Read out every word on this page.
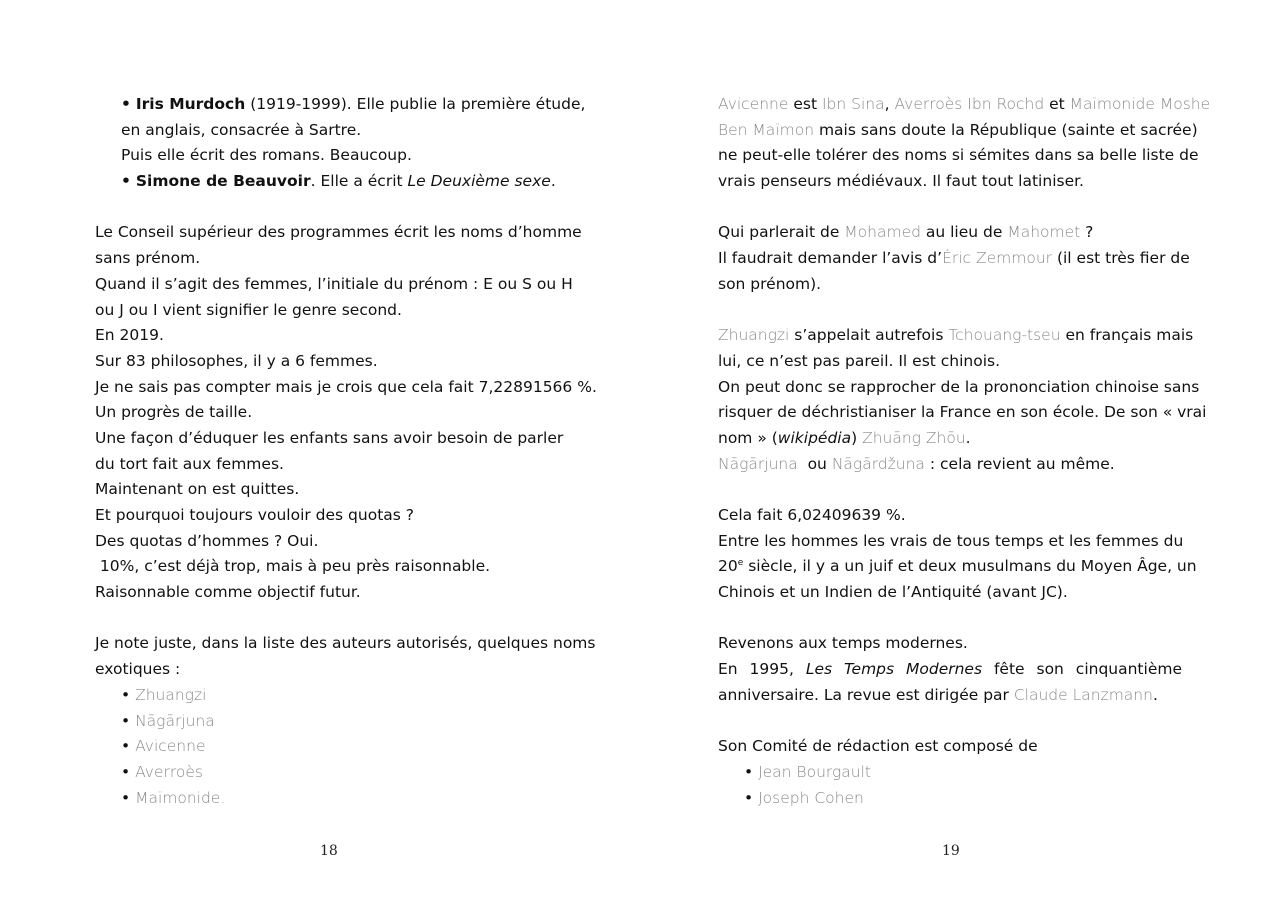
• Iris Murdoch (1919-1999). Elle publie la première étude,
en anglais, consacrée à Sartre.
Puis elle écrit des romans. Beaucoup.
• Simone de Beauvoir. Elle a écrit Le Deuxième sexe.
Le Conseil supérieur des programmes écrit les noms d’homme
sans prénom.
Quand il s’agit des femmes, l’initiale du prénom : E ou S ou H
ou J ou I vient signifier le genre second.
En 2019.
Sur 83 philosophes, il y a 6 femmes.
Je ne sais pas compter mais je crois que cela fait 7,22891566 %.
Un progrès de taille.
Une façon d’éduquer les enfants sans avoir besoin de parler
du tort fait aux femmes.
Maintenant on est quittes.
Et pourquoi toujours vouloir des quotas ?
Des quotas d’hommes ? Oui.
10%, c’est déjà trop, mais à peu près raisonnable.
Raisonnable comme objectif futur.
Je note juste, dans la liste des auteurs autorisés, quelques noms
exotiques :
• Zhuangzi
• Nāgārjuna
• Avicenne
• Averroès
• Maïmonide.
18
Avicenne est Ibn Sina, Averroès Ibn Rochd et Maïmonide Moshe
Ben Maïmon mais sans doute la République (sainte et sacrée)
ne peut-elle tolérer des noms si sémites dans sa belle liste de
vrais penseurs médiévaux. Il faut tout latiniser.
Qui parlerait de Mohamed au lieu de Mahomet ?
Il faudrait demander l’avis d’Éric Zemmour (il est très fier de
son prénom).
Zhuangzi s’appelait autrefois Tchouang-tseu en français mais
lui, ce n’est pas pareil. Il est chinois.
On peut donc se rapprocher de la prononciation chinoise sans
risquer de déchristianiser la France en son école. De son « vrai
nom » (wikipédia) Zhuāng Zhōu.
Nāgārjuna  ou Nāgārdžuna : cela revient au même.
Cela fait 6,02409639 %.
Entre les hommes les vrais de tous temps et les femmes du
20e siècle, il y a un juif et deux musulmans du Moyen Âge, un
Chinois et un Indien de l’Antiquité (avant JC).
Revenons aux temps modernes.
En 1995, Les Temps Modernes fête son cinquantième
anniversaire. La revue est dirigée par Claude Lanzmann.
Son Comité de rédaction est composé de
• Jean Bourgault
• Joseph Cohen
19
